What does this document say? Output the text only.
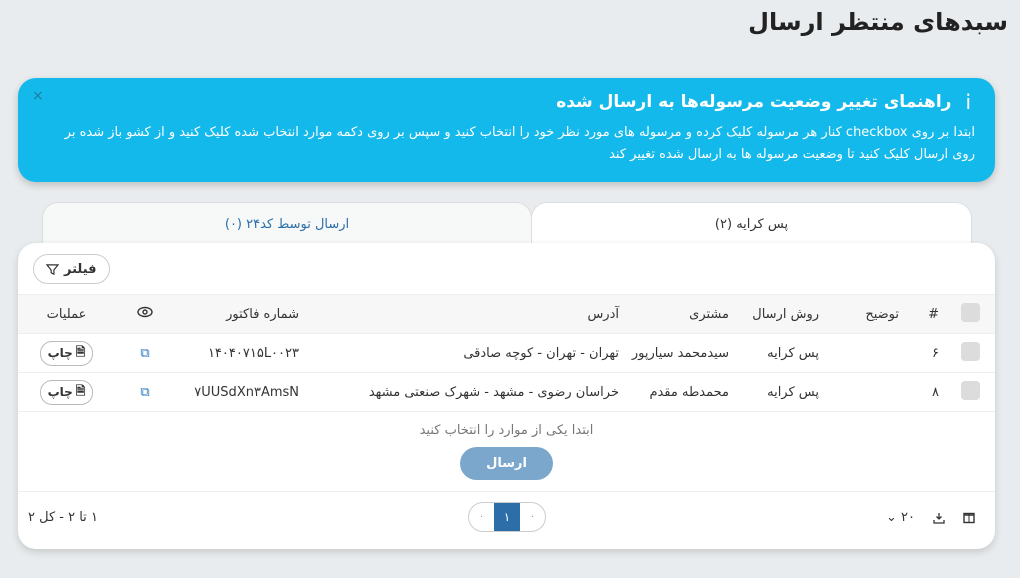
سبدهای منتظر ارسال
i
راهنمای تغییر وضعیت مرسوله‌ها به ارسال شده
ابتدا بر روی checkbox کنار هر مرسوله کلیک کرده و مرسوله های مورد نظر خود را انتخاب کنید و سپس بر روی دکمه موارد انتخاب شده کلیک کنید و از کشو باز شده بر روی ارسال کلیک کنید تا وضعیت مرسوله ها به ارسال شده تغییر کند
×
پس کرایه (۲)
ارسال توسط کد۲۴ (۰)
فیلتر
	#	توضیح	روش ارسال	مشتری	آدرس	شماره فاکتور		عملیات
	۶		پس کرایه	سیدمحمد سیارپور	تهران - تهران - کوچه صادقی	۱۴۰۴۰۷۱۵L۰۰۲۳	⧉	🗎
چاپ

	۸		پس کرایه	محمدطه مقدم	خراسان رضوی - مشهد - شهرک صنعتی مشهد	۷UUSdXn۳AmsN	⧉	🗎
چاپ
ابتدا یکی از موارد را انتخاب کنید
ارسال
۲۰ ⌄
۰	۱	۰
۱ تا ۲ - کل ۲
